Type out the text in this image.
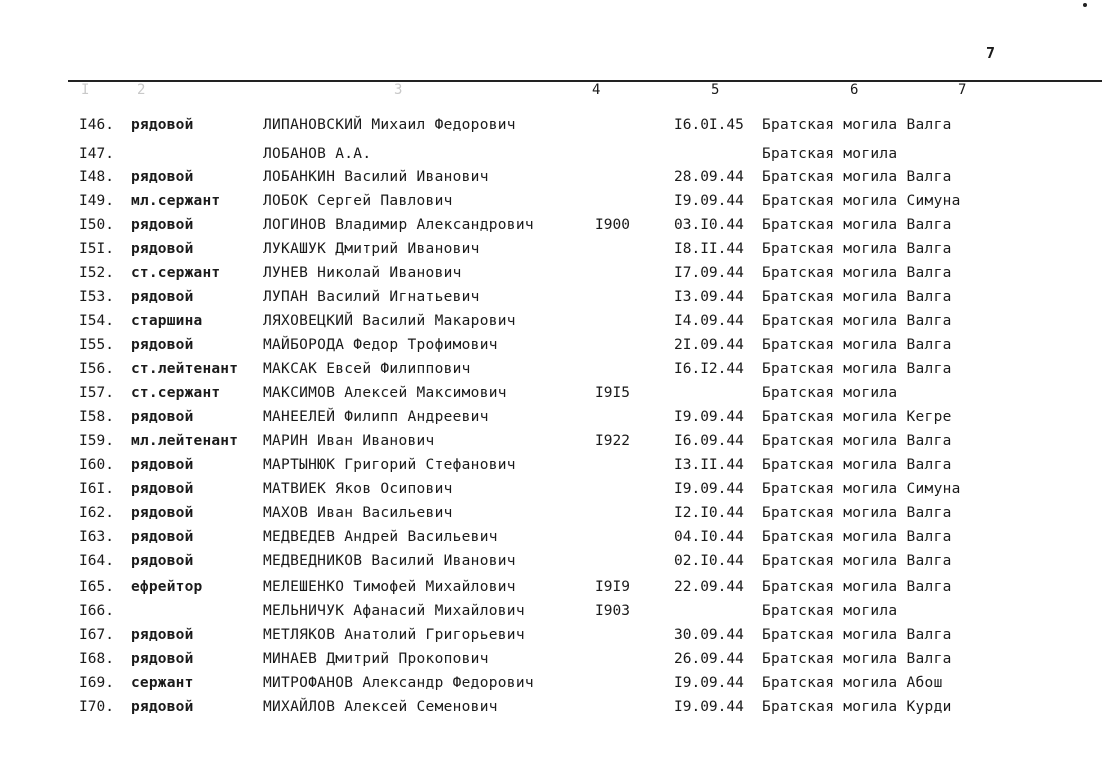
7
I	2	3	4	5	6	7
I46. рядовой	ЛИПАНОВСКИЙ Михаил Федорович	I6.0I.45 Братская могила Валга
I47.	ЛОБАНОВ А.А.	Братская могила
I48. рядовой	ЛОБАНКИН Василий Иванович	28.09.44 Братская могила Валга
I49. мл.сержант	ЛОБОК Сергей Павлович	I9.09.44 Братская могила Симуна
I50. рядовой	ЛОГИНОВ Владимир Александрович	I900	03.I0.44 Братская могила Валга
I5I. рядовой	ЛУКАШУК Дмитрий Иванович	I8.II.44 Братская могила Валга
I52. ст.сержант	ЛУНЕВ Николай Иванович	I7.09.44 Братская могила Валга
I53. рядовой	ЛУПАН Василий Игнатьевич	I3.09.44 Братская могила Валга
I54. старшина	ЛЯХОВЕЦКИЙ Василий Макарович	I4.09.44 Братская могила Валга
I55. рядовой	МАЙБОРОДА Федор Трофимович	2I.09.44 Братская могила Валга
I56. ст.лейтенант МАКСАК Евсей Филиппович	I6.I2.44 Братская могила Валга
I57. ст.сержант	МАКСИМОВ Алексей Максимович	I9I5	Братская могила
I58. рядовой	МАНЕЕЛЕЙ Филипп Андреевич	I9.09.44 Братская могила Кегре
I59. мл.лейтенант МАРИН Иван Иванович	I922	I6.09.44 Братская могила Валга
I60. рядовой	МАРТЫНЮК Григорий Стефанович	I3.II.44 Братская могила Валга
I6I. рядовой	МАТВИЕК Яков Осипович	I9.09.44 Братская могила Симуна
I62. рядовой	МАХОВ Иван Васильевич	I2.I0.44 Братская могила Валга
I63. рядовой	МЕДВЕДЕВ Андрей Васильевич	04.I0.44 Братская могила Валга
I64. рядовой	МЕДВЕДНИКОВ Василий Иванович	02.I0.44 Братская могила Валга
I65. ефрейтор	МЕЛЕШЕНКО Тимофей Михайлович	I9I9	22.09.44 Братская могила Валга
I66.	МЕЛЬНИЧУК Афанасий Михайлович	I903	Братская могила
I67. рядовой	МЕТЛЯКОВ Анатолий Григорьевич	30.09.44 Братская могила Валга
I68. рядовой	МИНАЕВ Дмитрий Прокопович	26.09.44 Братская могила Валга
I69. сержант	МИТРОФАНОВ Александр Федорович	I9.09.44 Братская могила Абош
I70. рядовой	МИХАЙЛОВ Алексей Семенович	I9.09.44 Братская могила Курди
